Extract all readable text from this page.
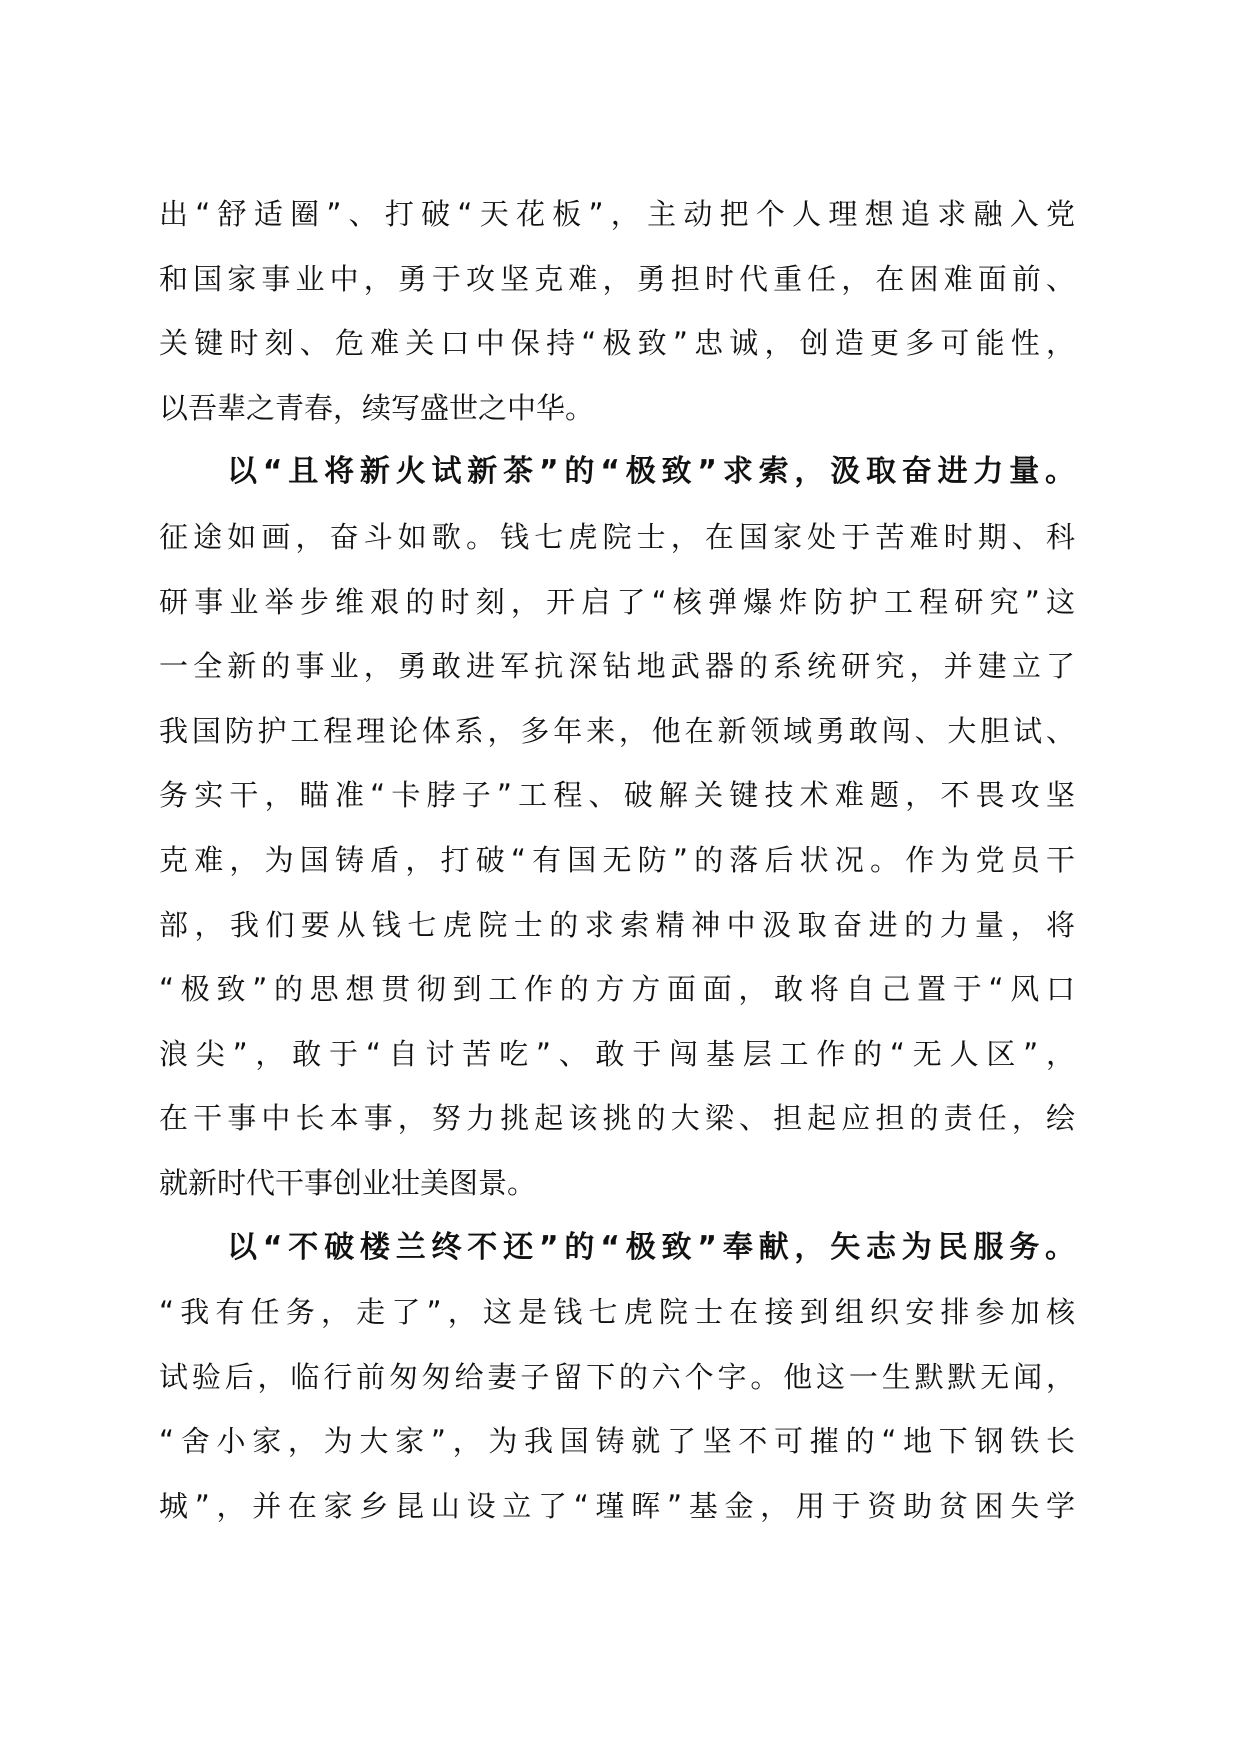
出“舒适圈”、打破“天花板”，主动把个人理想追求融入党
和国家事业中，勇于攻坚克难，勇担时代重任，在困难面前、
关键时刻、危难关口中保持“极致”忠诚，创造更多可能性，
以吾辈之青春，续写盛世之中华。
以“且将新火试新茶”的“极致”求索，汲取奋进力量。
征途如画，奋斗如歌。钱七虎院士，在国家处于苦难时期、科
研事业举步维艰的时刻，开启了“核弹爆炸防护工程研究”这
一全新的事业，勇敢进军抗深钻地武器的系统研究，并建立了
我国防护工程理论体系，多年来，他在新领域勇敢闯、大胆试、
务实干，瞄准“卡脖子”工程、破解关键技术难题，不畏攻坚
克难，为国铸盾，打破“有国无防”的落后状况。作为党员干
部，我们要从钱七虎院士的求索精神中汲取奋进的力量，将
“极致”的思想贯彻到工作的方方面面，敢将自己置于“风口
浪尖”，敢于“自讨苦吃”、敢于闯基层工作的“无人区”，
在干事中长本事，努力挑起该挑的大梁、担起应担的责任，绘
就新时代干事创业壮美图景。
以“不破楼兰终不还”的“极致”奉献，矢志为民服务。
“我有任务，走了”，这是钱七虎院士在接到组织安排参加核
试验后，临行前匆匆给妻子留下的六个字。他这一生默默无闻，
“舍小家，为大家”，为我国铸就了坚不可摧的“地下钢铁长
城”，并在家乡昆山设立了“瑾晖”基金，用于资助贫困失学
